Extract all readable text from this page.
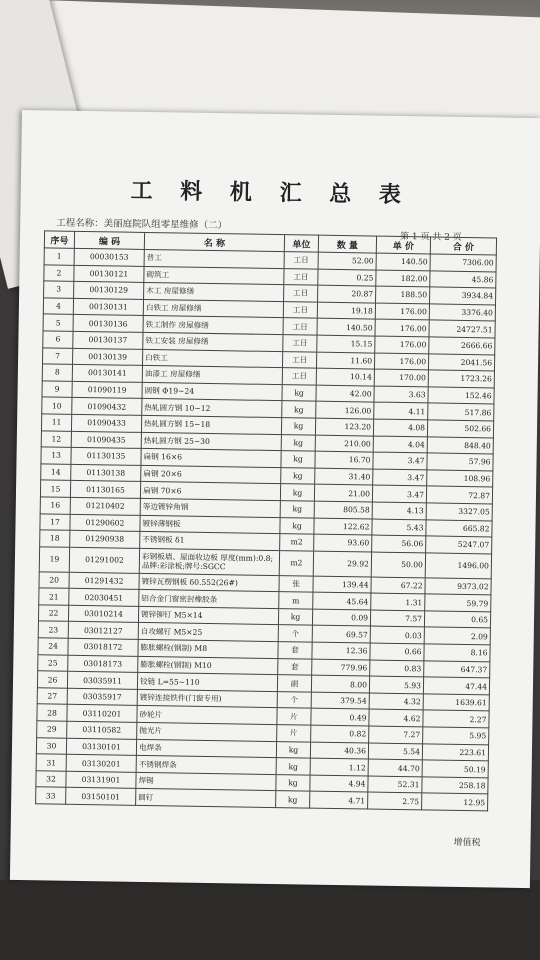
工 料 机 汇 总 表
工程名称：美丽庭院队组零星维修（二）
第 1 页 共 2 页
序号	编 码	名 称	单位	数 量	单 价	合 价
1	00030153	普工	工日	52.00	140.50	7306.00
2	00130121	砌筑工	工日	0.25	182.00	45.86
3	00130129	木工 房屋修缮	工日	20.87	188.50	3934.84
4	00130131	白铁工 房屋修缮	工日	19.18	176.00	3376.40
5	00130136	铁工制作 房屋修缮	工日	140.50	176.00	24727.51
6	00130137	铁工安装 房屋修缮	工日	15.15	176.00	2666.66
7	00130139	白铁工	工日	11.60	176.00	2041.56
8	00130141	油漆工 房屋修缮	工日	10.14	170.00	1723.26
9	01090119	圆钢 Φ19~24	kg	42.00	3.63	152.46
10	01090432	热轧圆方钢 10~12	kg	126.00	4.11	517.86
11	01090433	热轧圆方钢 15~18	kg	123.20	4.08	502.66
12	01090435	热轧圆方钢 25~30	kg	210.00	4.04	848.40
13	01130135	扁钢 16×6	kg	16.70	3.47	57.96
14	01130138	扁钢 20×6	kg	31.40	3.47	108.96
15	01130165	扁钢 70×6	kg	21.00	3.47	72.87
16	01210402	等边镀锌角钢	kg	805.58	4.13	3327.05
17	01290602	镀锌薄钢板	kg	122.62	5.43	665.82
18	01290938	不锈钢板 δ1	m2	93.60	56.06	5247.07
19	01291002	彩钢板墙、屋面收边板 厚度(mm):0.8;品牌:彩涂板;牌号:SGCC	m2	29.92	50.00	1496.00
20	01291432	镀锌瓦楞钢板 δ0.552(26#)	张	139.44	67.22	9373.02
21	02030451	铝合金门窗密封橡胶条	m	45.64	1.31	59.79
22	03010214	镀锌铆钉 M5×14	kg	0.09	7.57	0.65
23	03012127	自攻螺钉 M5×25	个	69.57	0.03	2.09
24	03018172	膨胀螺栓(钢制) M8	套	12.36	0.66	8.16
25	03018173	膨胀螺栓(钢制) M10	套	779.96	0.83	647.37
26	03035911	铰链 L=55~110	副	8.00	5.93	47.44
27	03035917	镀锌连接铁件(门窗专用)	个	379.54	4.32	1639.61
28	03110201	砂轮片	片	0.49	4.62	2.27
29	03110582	抛光片	片	0.82	7.27	5.95
30	03130101	电焊条	kg	40.36	5.54	223.61
31	03130201	不锈钢焊条	kg	1.12	44.70	50.19
32	03131901	焊锡	kg	4.94	52.31	258.18
33	03150101	圆钉	kg	4.71	2.75	12.95
增值税
